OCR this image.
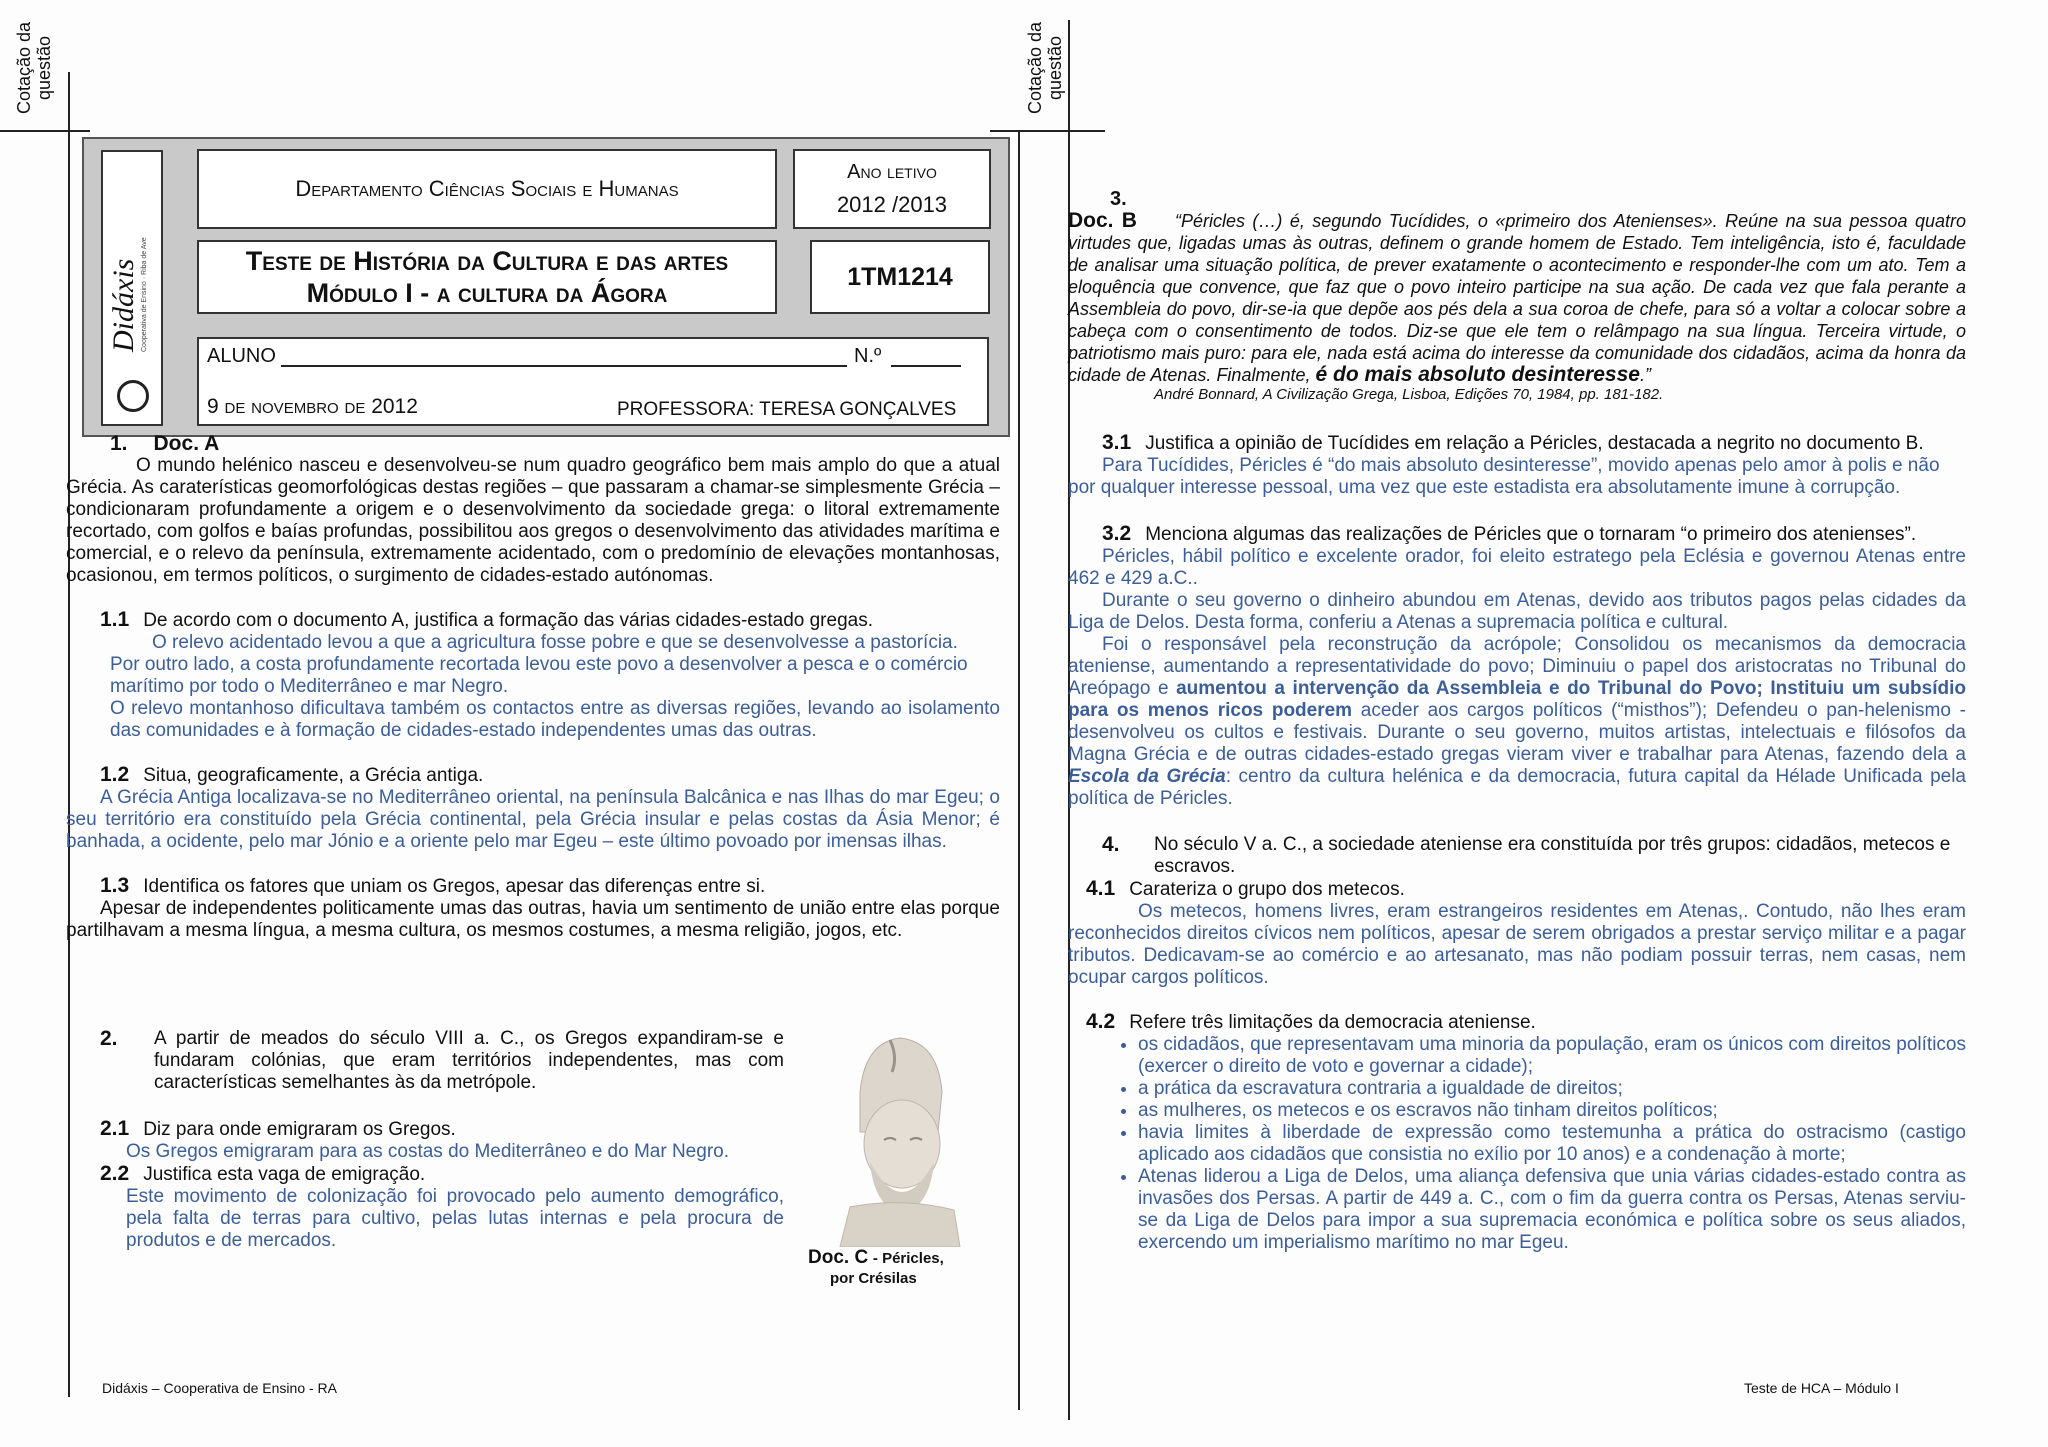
Cotação da questão	Cotação da questão
Didáxis Cooperativa de Ensino · Riba de Ave
Departamento Ciências Sociais e Humanas
Ano letivo
2012 /2013
Teste de História da Cultura e das artes
Módulo I - a cultura da Ágora
1TM1214
ALUNO	N.º
9 de novembro de 2012	PROFESSORA: TERESA GONÇALVES
1. Doc. A
O mundo helénico nasceu e desenvolveu-se num quadro geográfico bem mais amplo do que a atual Grécia. As caraterísticas geomorfológicas destas regiões – que passaram a chamar-se simplesmente Grécia – condicionaram profundamente a origem e o desenvolvimento da sociedade grega: o litoral extremamente recortado, com golfos e baías profundas, possibilitou aos gregos o desenvolvimento das atividades marítima e comercial, e o relevo da península, extremamente acidentado, com o predomínio de elevações montanhosas, ocasionou, em termos políticos, o surgimento de cidades-estado autónomas.
1.1 De acordo com o documento A, justifica a formação das várias cidades-estado gregas.
O relevo acidentado levou a que a agricultura fosse pobre e que se desenvolvesse a pastorícia.
Por outro lado, a costa profundamente recortada levou este povo a desenvolver a pesca e o comércio marítimo por todo o Mediterrâneo e mar Negro.
O relevo montanhoso dificultava também os contactos entre as diversas regiões, levando ao isolamento das comunidades e à formação de cidades-estado independentes umas das outras.
1.2 Situa, geograficamente, a Grécia antiga.
A Grécia Antiga localizava-se no Mediterrâneo oriental, na península Balcânica e nas Ilhas do mar Egeu; o seu território era constituído pela Grécia continental, pela Grécia insular e pelas costas da Ásia Menor; é banhada, a ocidente, pelo mar Jónio e a oriente pelo mar Egeu – este último povoado por imensas ilhas.
1.3 Identifica os fatores que uniam os Gregos, apesar das diferenças entre si.
Apesar de independentes politicamente umas das outras, havia um sentimento de união entre elas porque partilhavam a mesma língua, a mesma cultura, os mesmos costumes, a mesma religião, jogos, etc.
2.	A partir de meados do século VIII a. C., os Gregos expandiram-se e fundaram colónias, que eram territórios independentes, mas com características semelhantes às da metrópole.
2.1 Diz para onde emigraram os Gregos.
Os Gregos emigraram para as costas do Mediterrâneo e do Mar Negro.
2.2 Justifica esta vaga de emigração.
Este movimento de colonização foi provocado pelo aumento demográfico, pela falta de terras para cultivo, pelas lutas internas e pela procura de produtos e de mercados.
Doc. C - Péricles,
por Crésilas
Didáxis – Cooperativa de Ensino - RA
3.
Doc. B “Péricles (…) é, segundo Tucídides, o «primeiro dos Atenienses». Reúne na sua pessoa quatro virtudes que, ligadas umas às outras, definem o grande homem de Estado. Tem inteligência, isto é, faculdade de analisar uma situação política, de prever exatamente o acontecimento e responder-lhe com um ato. Tem a eloquência que convence, que faz que o povo inteiro participe na sua ação. De cada vez que fala perante a Assembleia do povo, dir-se-ia que depõe aos pés dela a sua coroa de chefe, para só a voltar a colocar sobre a cabeça com o consentimento de todos. Diz-se que ele tem o relâmpago na sua língua. Terceira virtude, o patriotismo mais puro: para ele, nada está acima do interesse da comunidade dos cidadãos, acima da honra da cidade de Atenas. Finalmente, é do mais absoluto desinteresse.”
André Bonnard, A Civilização Grega, Lisboa, Edições 70, 1984, pp. 181-182.
3.1 Justifica a opinião de Tucídides em relação a Péricles, destacada a negrito no documento B.
Para Tucídides, Péricles é “do mais absoluto desinteresse”, movido apenas pelo amor à polis e não por qualquer interesse pessoal, uma vez que este estadista era absolutamente imune à corrupção.
3.2 Menciona algumas das realizações de Péricles que o tornaram “o primeiro dos atenienses”.
Péricles, hábil político e excelente orador, foi eleito estratego pela Eclésia e governou Atenas entre 462 e 429 a.C..
Durante o seu governo o dinheiro abundou em Atenas, devido aos tributos pagos pelas cidades da Liga de Delos. Desta forma, conferiu a Atenas a supremacia política e cultural.
Foi o responsável pela reconstrução da acrópole; Consolidou os mecanismos da democracia ateniense, aumentando a representatividade do povo; Diminuiu o papel dos aristocratas no Tribunal do Areópago e aumentou a intervenção da Assembleia e do Tribunal do Povo; Instituiu um subsídio para os menos ricos poderem aceder aos cargos políticos (“misthos”); Defendeu o pan-helenismo - desenvolveu os cultos e festivais. Durante o seu governo, muitos artistas, intelectuais e filósofos da Magna Grécia e de outras cidades-estado gregas vieram viver e trabalhar para Atenas, fazendo dela a Escola da Grécia: centro da cultura helénica e da democracia, futura capital da Hélade Unificada pela política de Péricles.
4.	No século V a. C., a sociedade ateniense era constituída por três grupos: cidadãos, metecos e escravos.
4.1 Carateriza o grupo dos metecos.
Os metecos, homens livres, eram estrangeiros residentes em Atenas,. Contudo, não lhes eram reconhecidos direitos cívicos nem políticos, apesar de serem obrigados a prestar serviço militar e a pagar tributos. Dedicavam-se ao comércio e ao artesanato, mas não podiam possuir terras, nem casas, nem ocupar cargos políticos.
4.2 Refere três limitações da democracia ateniense.
• os cidadãos, que representavam uma minoria da população, eram os únicos com direitos políticos (exercer o direito de voto e governar a cidade);
• a prática da escravatura contraria a igualdade de direitos;
• as mulheres, os metecos e os escravos não tinham direitos políticos;
• havia limites à liberdade de expressão como testemunha a prática do ostracismo (castigo aplicado aos cidadãos que consistia no exílio por 10 anos) e a condenação à morte;
• Atenas liderou a Liga de Delos, uma aliança defensiva que unia várias cidades-estado contra as invasões dos Persas. A partir de 449 a. C., com o fim da guerra contra os Persas, Atenas serviu-se da Liga de Delos para impor a sua supremacia económica e política sobre os seus aliados, exercendo um imperialismo marítimo no mar Egeu.
Teste de HCA – Módulo I
